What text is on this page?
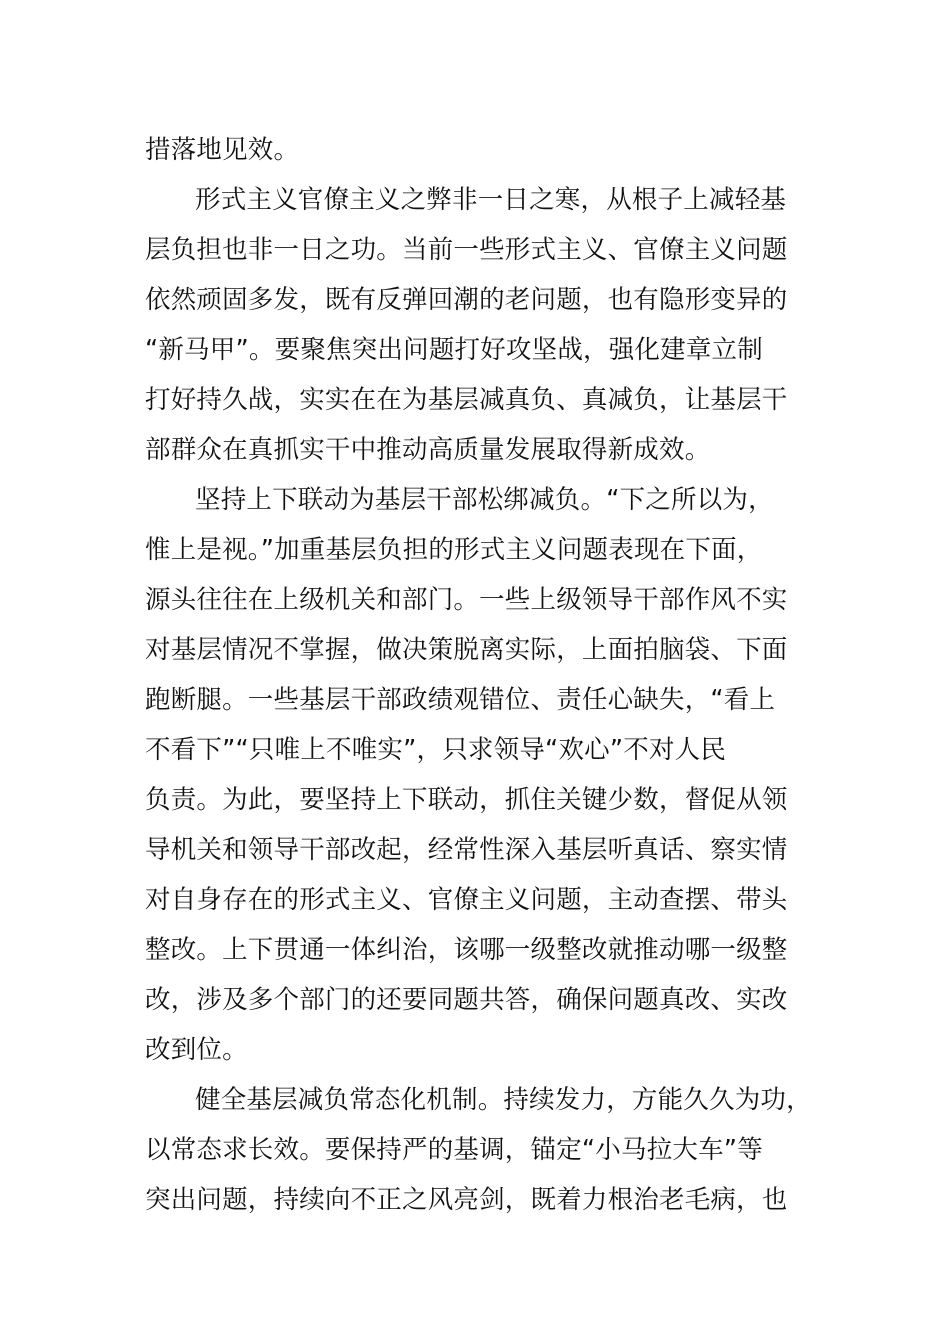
措落地见效。
形式主义官僚主义之弊非一日之寒，从根子上减轻基
层负担也非一日之功。当前一些形式主义、官僚主义问题
依然顽固多发，既有反弹回潮的老问题，也有隐形变异的
“新马甲”。要聚焦突出问题打好攻坚战，强化建章立制
打好持久战，实实在在为基层减真负、真减负，让基层干
部群众在真抓实干中推动高质量发展取得新成效。
坚持上下联动为基层干部松绑减负。“下之所以为，
惟上是视。”加重基层负担的形式主义问题表现在下面，
源头往往在上级机关和部门。一些上级领导干部作风不实
对基层情况不掌握，做决策脱离实际，上面拍脑袋、下面
跑断腿。一些基层干部政绩观错位、责任心缺失，“看上
不看下”“只唯上不唯实”，只求领导“欢心”不对人民
负责。为此，要坚持上下联动，抓住关键少数，督促从领
导机关和领导干部改起，经常性深入基层听真话、察实情
对自身存在的形式主义、官僚主义问题，主动查摆、带头
整改。上下贯通一体纠治，该哪一级整改就推动哪一级整
改，涉及多个部门的还要同题共答，确保问题真改、实改
改到位。
健全基层减负常态化机制。持续发力，方能久久为功，
以常态求长效。要保持严的基调，锚定“小马拉大车”等
突出问题，持续向不正之风亮剑，既着力根治老毛病，也
